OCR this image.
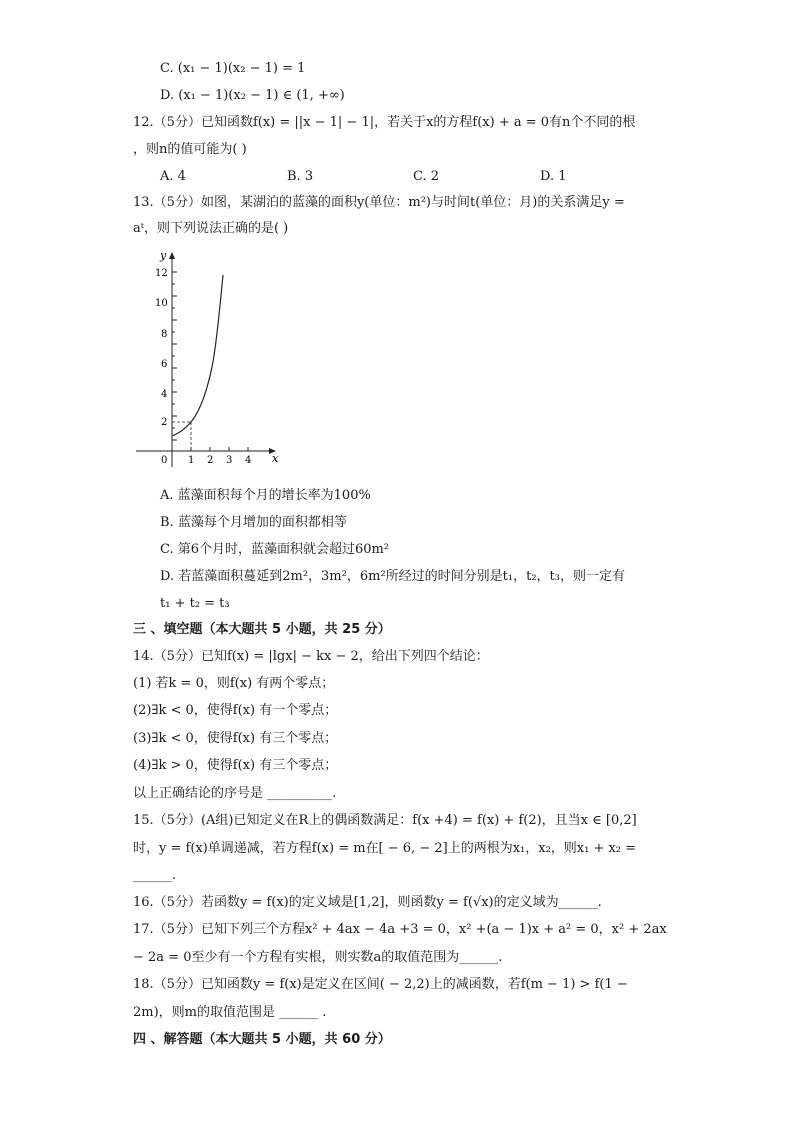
C. (x₁ − 1)(x₂ − 1) = 1
D. (x₁ − 1)(x₂ − 1) ∈ (1, +∞)
12.（5分）已知函数f(x) = ||x − 1| − 1|，若关于x的方程f(x) + a = 0有n个不同的根
，则n的值可能为( )
A. 4	B. 3	C. 2	D. 1
13.（5分）如图，某湖泊的蓝藻的面积y(单位：m²)与时间t(单位：月)的关系满足y =
aᵗ，则下列说法正确的是( )
y
x
12
10
8
6
4
2
0 1 2 3 4
A. 蓝藻面积每个月的增长率为100%
B. 蓝藻每个月增加的面积都相等
C. 第6个月时，蓝藻面积就会超过60m²
D. 若蓝藻面积蔓延到2m²，3m²，6m²所经过的时间分别是t₁，t₂，t₃，则一定有
t₁ + t₂ = t₃
三 、填空题（本大题共 5 小题，共 25 分）
14.（5分）已知f(x) = |lgx| − kx − 2，给出下列四个结论：
(1) 若k = 0，则f(x) 有两个零点；
(2)∃k < 0，使得f(x) 有一个零点；
(3)∃k < 0，使得f(x) 有三个零点；
(4)∃k > 0，使得f(x) 有三个零点；
以上正确结论的序号是 __________.
15.（5分）(A组)已知定义在R上的偶函数满足：f(x +4) = f(x) + f(2)，且当x ∈ [0,2]
时，y = f(x)单调递减，若方程f(x) = m在[ − 6, − 2]上的两根为x₁，x₂，则x₁ + x₂ =
______.
16.（5分）若函数y = f(x)的定义域是[1,2]，则函数y = f(√x)的定义域为______.
17.（5分）已知下列三个方程x² + 4ax − 4a +3 = 0，x² +(a − 1)x + a² = 0，x² + 2ax
− 2a = 0至少有一个方程有实根，则实数a的取值范围为______.
18.（5分）已知函数y = f(x)是定义在区间( − 2,2)上的减函数，若f(m − 1) > f(1 −
2m)，则m的取值范围是 ______ .
四 、解答题（本大题共 5 小题，共 60 分）
